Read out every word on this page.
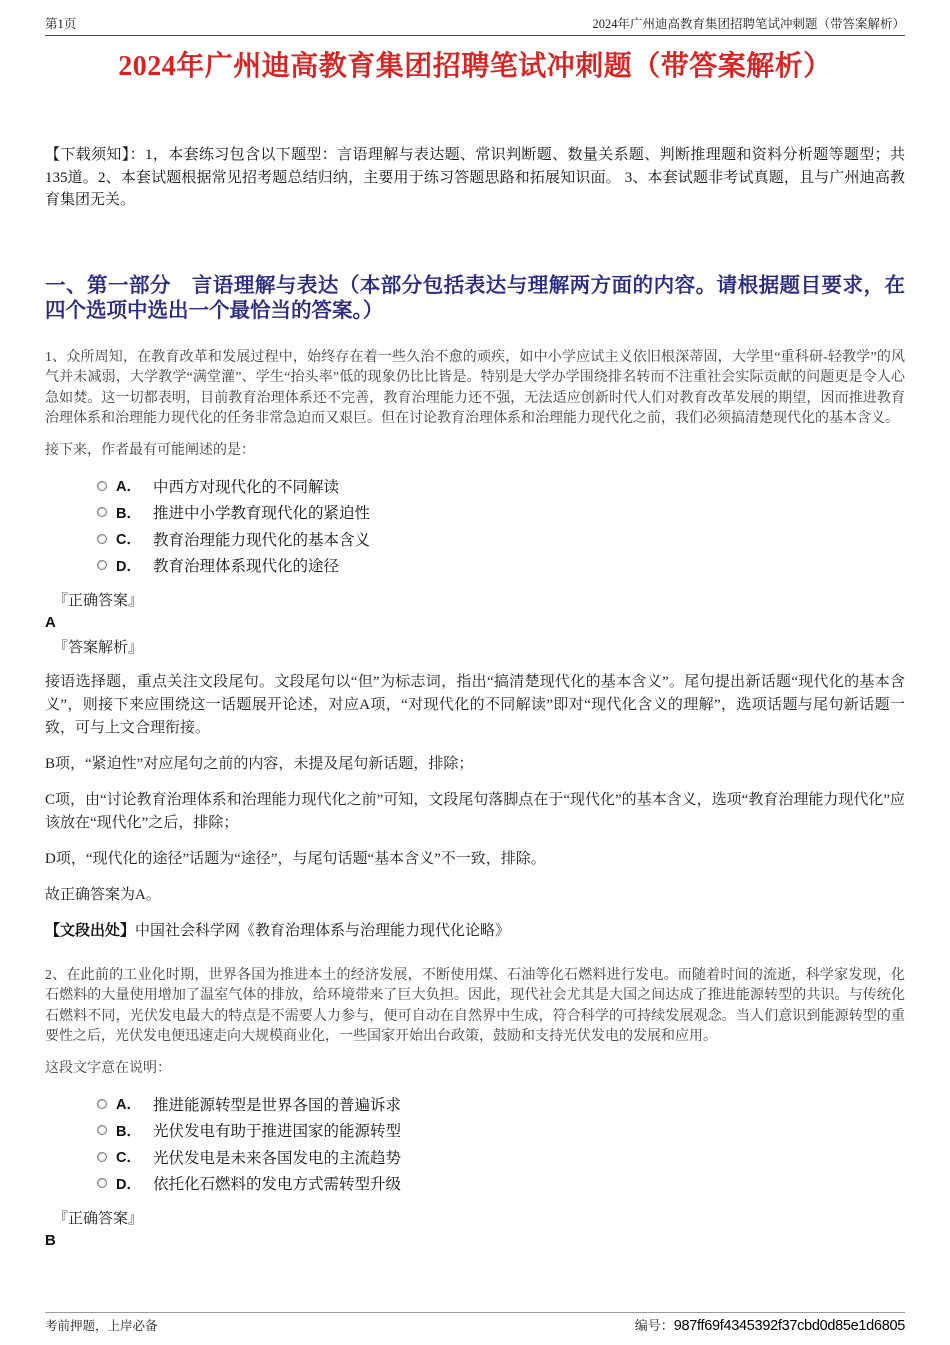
第1页	2024年广州迪高教育集团招聘笔试冲刺题（带答案解析）
2024年广州迪高教育集团招聘笔试冲刺题（带答案解析）

【下载须知】：1，本套练习包含以下题型：言语理解与表达题、常识判断题、数量关系题、判断推理题和资料分析题等题型；共135道。2、本套试题根据常见招考题总结归纳，主要用于练习答题思路和拓展知识面。 3、本套试题非考试真题，且与广州迪高教育集团无关。

一、第一部分　言语理解与表达（本部分包括表达与理解两方面的内容。请根据题目要求，在四个选项中选出一个最恰当的答案。）

1、众所周知，在教育改革和发展过程中，始终存在着一些久治不愈的顽疾，如中小学应试主义依旧根深蒂固，大学里“重科研-轻教学”的风气并未减弱，大学教学“满堂灌”、学生“抬头率”低的现象仍比比皆是。特别是大学办学围绕排名转而不注重社会实际贡献的问题更是令人心急如焚。这一切都表明，目前教育治理体系还不完善，教育治理能力还不强，无法适应创新时代人们对教育改革发展的期望，因而推进教育治理体系和治理能力现代化的任务非常急迫而又艰巨。但在讨论教育治理体系和治理能力现代化之前，我们必须搞清楚现代化的基本含义。

接下来，作者最有可能阐述的是：

A． 中西方对现代化的不同解读
B． 推进中小学教育现代化的紧迫性
C． 教育治理能力现代化的基本含义
D． 教育治理体系现代化的途径

『正确答案』

A

『答案解析』

接语选择题，重点关注文段尾句。文段尾句以“但”为标志词，指出“搞清楚现代化的基本含义”。尾句提出新话题“现代化的基本含义”，则接下来应围绕这一话题展开论述，对应A项，“对现代化的不同解读”即对“现代化含义的理解”，选项话题与尾句新话题一致，可与上文合理衔接。

B项，“紧迫性”对应尾句之前的内容，未提及尾句新话题，排除；

C项，由“讨论教育治理体系和治理能力现代化之前”可知，文段尾句落脚点在于“现代化”的基本含义，选项“教育治理能力现代化”应该放在“现代化”之后，排除；

D项，“现代化的途径”话题为“途径”，与尾句话题“基本含义”不一致，排除。

故正确答案为A。

【文段出处】中国社会科学网《教育治理体系与治理能力现代化论略》

2、在此前的工业化时期，世界各国为推进本土的经济发展，不断使用煤、石油等化石燃料进行发电。而随着时间的流逝，科学家发现，化石燃料的大量使用增加了温室气体的排放，给环境带来了巨大负担。因此，现代社会尤其是大国之间达成了推进能源转型的共识。与传统化石燃料不同，光伏发电最大的特点是不需要人力参与，便可自动在自然界中生成，符合科学的可持续发展观念。当人们意识到能源转型的重要性之后，光伏发电便迅速走向大规模商业化，一些国家开始出台政策，鼓励和支持光伏发电的发展和应用。

这段文字意在说明：

A． 推进能源转型是世界各国的普遍诉求
B． 光伏发电有助于推进国家的能源转型
C． 光伏发电是未来各国发电的主流趋势
D． 依托化石燃料的发电方式需转型升级

『正确答案』

B

考前押题，上岸必备	编号：987ff69f4345392f37cbd0d85e1d6805
